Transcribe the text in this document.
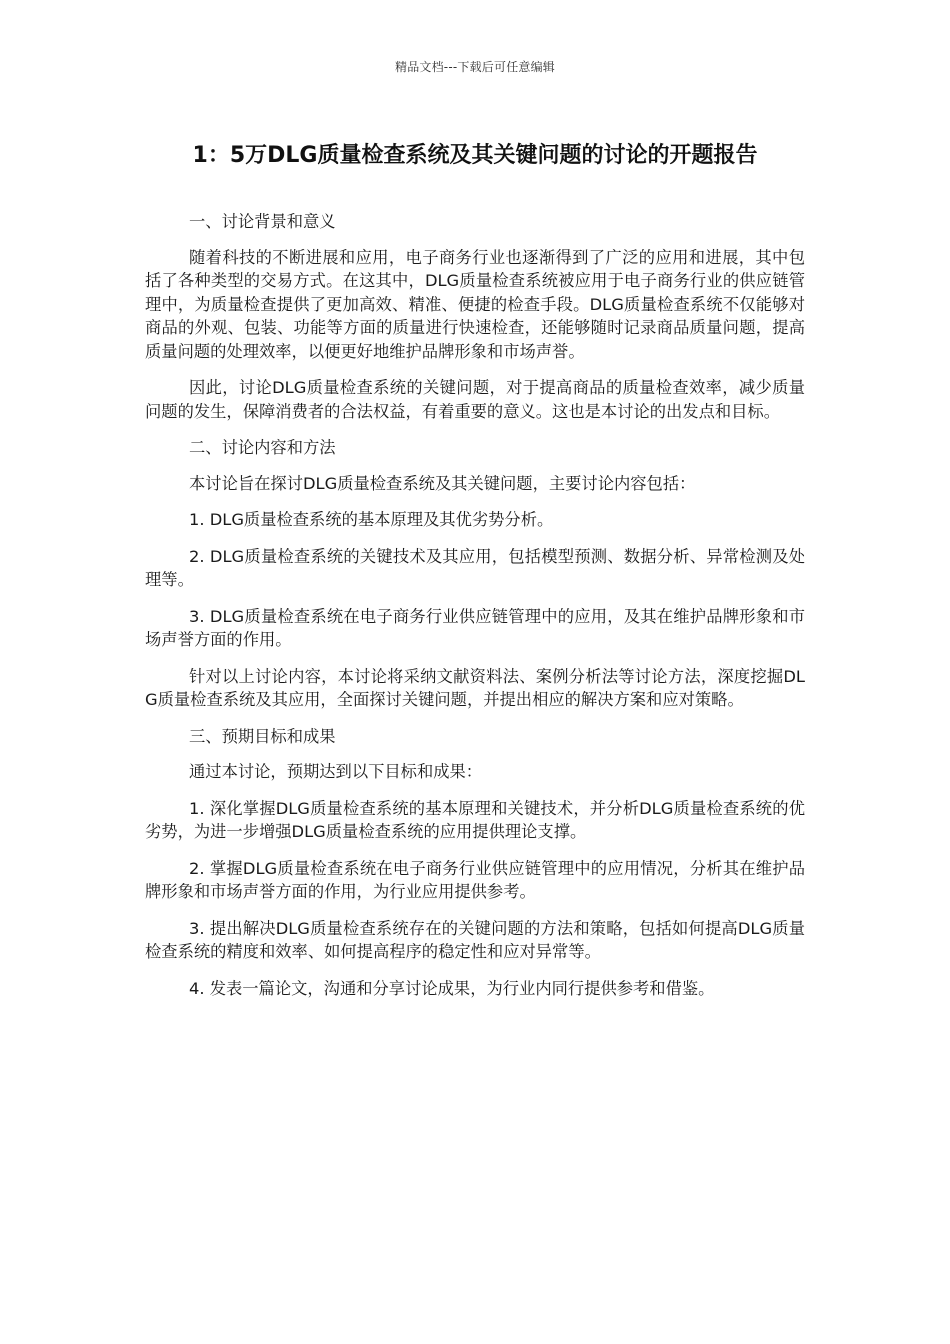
精品文档---下载后可任意编辑
1：5万DLG质量检查系统及其关键问题的讨论的开题报告

一、讨论背景和意义

随着科技的不断进展和应用，电子商务行业也逐渐得到了广泛的应用和进展，其中包括了各种类型的交易方式。在这其中，DLG质量检查系统被应用于电子商务行业的供应链管理中，为质量检查提供了更加高效、精准、便捷的检查手段。DLG质量检查系统不仅能够对商品的外观、包装、功能等方面的质量进行快速检查，还能够随时记录商品质量问题，提高质量问题的处理效率，以便更好地维护品牌形象和市场声誉。

因此，讨论DLG质量检查系统的关键问题，对于提高商品的质量检查效率，减少质量问题的发生，保障消费者的合法权益，有着重要的意义。这也是本讨论的出发点和目标。

二、讨论内容和方法

本讨论旨在探讨DLG质量检查系统及其关键问题，主要讨论内容包括：

1. DLG质量检查系统的基本原理及其优劣势分析。

2. DLG质量检查系统的关键技术及其应用，包括模型预测、数据分析、异常检测及处理等。

3. DLG质量检查系统在电子商务行业供应链管理中的应用，及其在维护品牌形象和市场声誉方面的作用。

针对以上讨论内容，本讨论将采纳文献资料法、案例分析法等讨论方法，深度挖掘DLG质量检查系统及其应用，全面探讨关键问题，并提出相应的解决方案和应对策略。

三、预期目标和成果

通过本讨论，预期达到以下目标和成果：

1. 深化掌握DLG质量检查系统的基本原理和关键技术，并分析DLG质量检查系统的优劣势，为进一步增强DLG质量检查系统的应用提供理论支撑。

2. 掌握DLG质量检查系统在电子商务行业供应链管理中的应用情况，分析其在维护品牌形象和市场声誉方面的作用，为行业应用提供参考。

3. 提出解决DLG质量检查系统存在的关键问题的方法和策略，包括如何提高DLG质量检查系统的精度和效率、如何提高程序的稳定性和应对异常等。

4. 发表一篇论文，沟通和分享讨论成果，为行业内同行提供参考和借鉴。
